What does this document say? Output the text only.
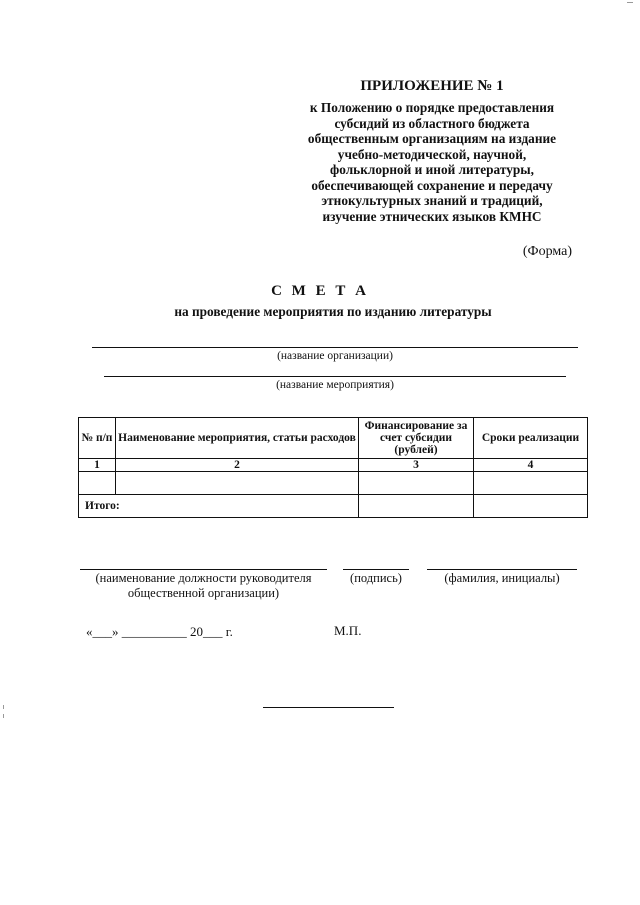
ПРИЛОЖЕНИЕ № 1
к Положению о порядке предоставления
субсидий из областного бюджета
общественным организациям на издание
учебно-методической, научной,
фольклорной и иной литературы,
обеспечивающей сохранение и передачу
этнокультурных знаний и традиций,
изучение этнических языков КМНС
(Форма)
С М Е Т А
на проведение мероприятия по изданию литературы
(название организации)
(название мероприятия)
№ п/п	Наименование мероприятия, статьи расходов	Финансирование за счет субсидии (рублей)	Сроки реализации
1	2	3	4

Итого:			
(наименование должности руководителя
общественной организации)
(подпись)	(фамилия, инициалы)
«___» __________ 20___ г.	М.П.
